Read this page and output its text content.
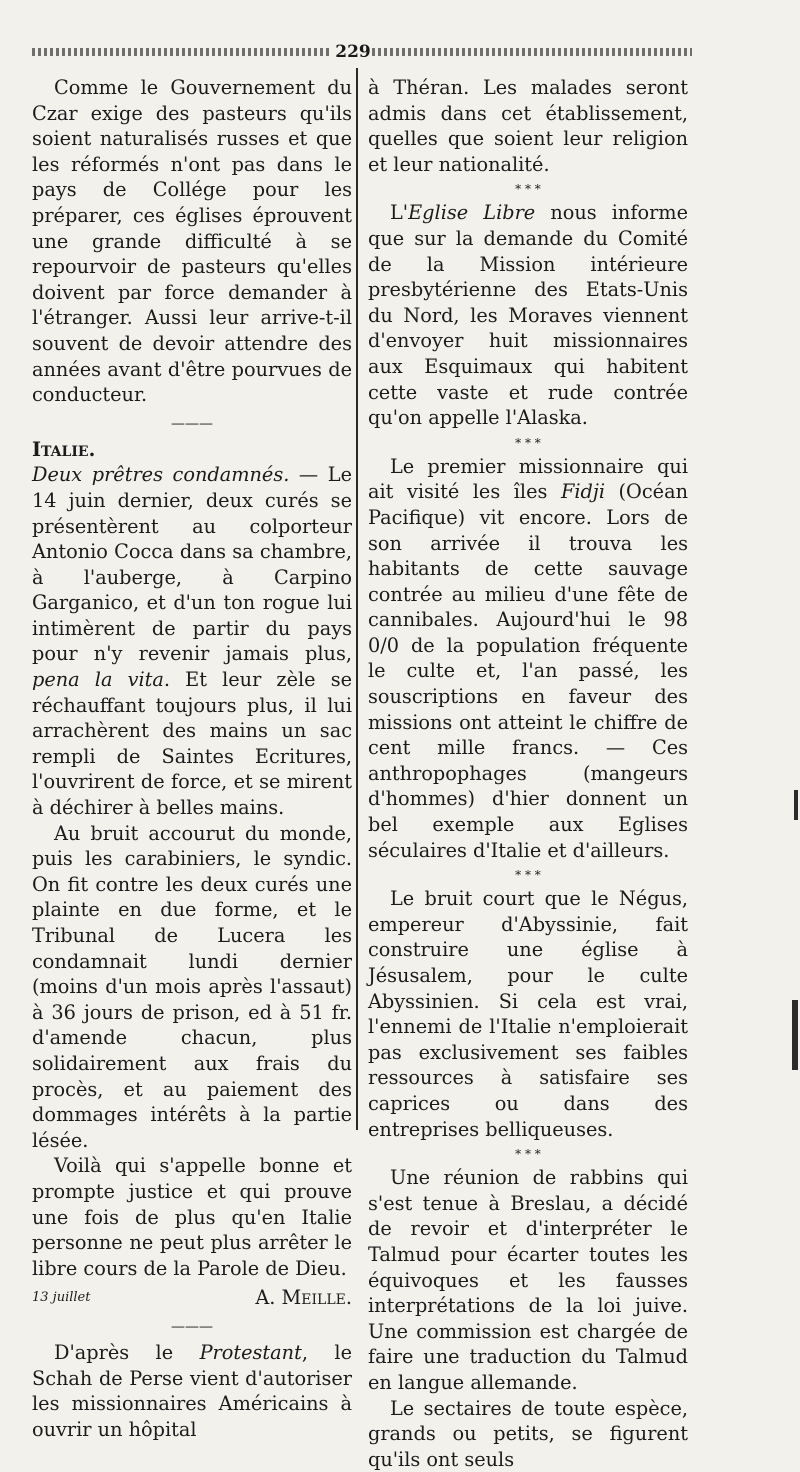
229

Comme le Gouvernement du Czar exige des pasteurs qu'ils soient naturalisés russes et que les réformés n'ont pas dans le pays de Collége pour les préparer, ces églises éprouvent une grande difficulté à se repourvoir de pasteurs qu'elles doivent par force demander à l'étranger. Aussi leur arrive-t-il souvent de devoir attendre des années avant d'être pourvues de conducteur.

———

Italie.

Deux prêtres condamnés. — Le 14 juin dernier, deux curés se présentèrent au colporteur Antonio Cocca dans sa chambre, à l'auberge, à Carpino Garganico, et d'un ton rogue lui intimèrent de partir du pays pour n'y revenir jamais plus, pena la vita. Et leur zèle se réchauffant toujours plus, il lui arrachèrent des mains un sac rempli de Saintes Ecritures, l'ouvrirent de force, et se mirent à déchirer à belles mains.

Au bruit accourut du monde, puis les carabiniers, le syndic. On fit contre les deux curés une plainte en due forme, et le Tribunal de Lucera les condamnait lundi dernier (moins d'un mois après l'assaut) à 36 jours de prison, ed à 51 fr. d'amende chacun, plus solidairement aux frais du procès, et au paiement des dommages intérêts à la partie lésée.

Voilà qui s'appelle bonne et prompte justice et qui prouve une fois de plus qu'en Italie personne ne peut plus arrêter le libre cours de la Parole de Dieu.

13 juillet	A. Meille.
———

D'après le Protestant, le Schah de Perse vient d'autoriser les missionnaires Américains à ouvrir un hôpital

à Théran. Les malades seront admis dans cet établissement, quelles que soient leur religion et leur nationalité.

* * *

L'Eglise Libre nous informe que sur la demande du Comité de la Mission intérieure presbytérienne des Etats-Unis du Nord, les Moraves viennent d'envoyer huit missionnaires aux Esquimaux qui habitent cette vaste et rude contrée qu'on appelle l'Alaska.

* * *

Le premier missionnaire qui ait visité les îles Fidji (Océan Pacifique) vit encore. Lors de son arrivée il trouva les habitants de cette sauvage contrée au milieu d'une fête de cannibales. Aujourd'hui le 98 0/0 de la population fréquente le culte et, l'an passé, les souscriptions en faveur des missions ont atteint le chiffre de cent mille francs. — Ces anthropophages (mangeurs d'hommes) d'hier donnent un bel exemple aux Eglises séculaires d'Italie et d'ailleurs.

* * *

Le bruit court que le Négus, empereur d'Abyssinie, fait construire une église à Jésusalem, pour le culte Abyssinien. Si cela est vrai, l'ennemi de l'Italie n'emploierait pas exclusivement ses faibles ressources à satisfaire ses caprices ou dans des entreprises belliqueuses.

* * *

Une réunion de rabbins qui s'est tenue à Breslau, a décidé de revoir et d'interpréter le Talmud pour écarter toutes les équivoques et les fausses interprétations de la loi juive. Une commission est chargée de faire une traduction du Talmud en langue allemande.

Le sectaires de toute espèce, grands ou petits, se figurent qu'ils ont seuls
